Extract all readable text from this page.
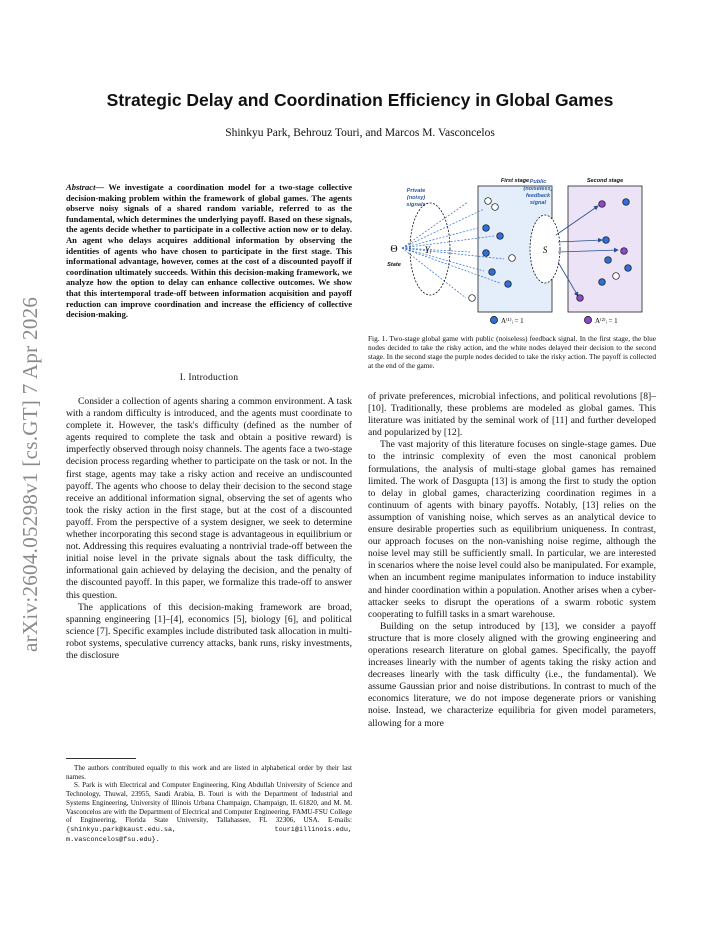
arXiv:2604.05298v1 [cs.GT] 7 Apr 2026
Strategic Delay and Coordination Efficiency in Global Games
Shinkyu Park, Behrouz Touri, and Marcos M. Vasconcelos
Abstract— We investigate a coordination model for a two-stage collective decision-making problem within the framework of global games. The agents observe noisy signals of a shared random variable, referred to as the fundamental, which determines the underlying payoff. Based on these signals, the agents decide whether to participate in a collective action now or to delay. An agent who delays acquires additional information by observing the identities of agents who have chosen to participate in the first stage. This informational advantage, however, comes at the cost of a discounted payoff if coordination ultimately succeeds. Within this decision-making framework, we analyze how the option to delay can enhance collective outcomes. We show that this intertemporal trade-off between information acquisition and payoff reduction can improve coordination and increase the efficiency of collective decision-making.
I. Introduction

Consider a collection of agents sharing a common environment. A task with a random difficulty is introduced, and the agents must coordinate to complete it. However, the task's difficulty (defined as the number of agents required to complete the task and obtain a positive reward) is imperfectly observed through noisy channels. The agents face a two-stage decision process regarding whether to participate on the task or not. In the first stage, agents may take a risky action and receive an undiscounted payoff. The agents who choose to delay their decision to the second stage receive an additional information signal, observing the set of agents who took the risky action in the first stage, but at the cost of a discounted payoff. From the perspective of a system designer, we seek to determine whether incorporating this second stage is advantageous in equilibrium or not. Addressing this requires evaluating a nontrivial trade-off between the initial noise level in the private signals about the task difficulty, the informational gain achieved by delaying the decision, and the penalty of the discounted payoff. In this paper, we formalize this trade-off to answer this question.

The applications of this decision-making framework are broad, spanning engineering [1]–[4], economics [5], biology [6], and political science [7]. Specific examples include distributed task allocation in multi-robot systems, speculative currency attacks, bank runs, risky investments, the disclosure

The authors contributed equally to this work and are listed in alphabetical order by their last names.

S. Park is with Electrical and Computer Engineering, King Abdullah University of Science and Technology, Thuwal, 23955, Saudi Arabia, B. Touri is with the Department of Industrial and Systems Engineering, University of Illinois Urbana Champaign, Champaign, IL 61820, and M. M. Vasconcelos are with the Department of Electrical and Computer Engineering, FAMU-FSU College of Engineering, Florida State University, Tallahassee, FL 32306, USA. E-mails: {shinkyu.park@kaust.edu.sa, touri@illinois.edu, m.vasconcelos@fsu.edu}.

First stage	Second stage
Private
(noisy)
signals
Public
(noiseless)
feedback
signal
Θ
State
Yᵢ	S
A⁽¹⁾ᵢ = 1	A⁽²⁾ᵢ = 1
Fig. 1. Two-stage global game with public (noiseless) feedback signal. In the first stage, the blue nodes decided to take the risky action, and the white nodes delayed their decision to the second stage. In the second stage the purple nodes decided to take the risky action. The payoff is collected at the end of the game.

of private preferences, microbial infections, and political revolutions [8]–[10]. Traditionally, these problems are modeled as global games. This literature was initiated by the seminal work of [11] and further developed and popularized by [12].

The vast majority of this literature focuses on single-stage games. Due to the intrinsic complexity of even the most canonical problem formulations, the analysis of multi-stage global games has remained limited. The work of Dasgupta [13] is among the first to study the option to delay in global games, characterizing coordination regimes in a continuum of agents with binary payoffs. Notably, [13] relies on the assumption of vanishing noise, which serves as an analytical device to ensure desirable properties such as equilibrium uniqueness. In contrast, our approach focuses on the non-vanishing noise regime, although the noise level may still be sufficiently small. In particular, we are interested in scenarios where the noise level could also be manipulated. For example, when an incumbent regime manipulates information to induce instability and hinder coordination within a population. Another arises when a cyber-attacker seeks to disrupt the operations of a swarm robotic system cooperating to fulfill tasks in a smart warehouse.

Building on the setup introduced by [13], we consider a payoff structure that is more closely aligned with the growing engineering and operations research literature on global games. Specifically, the payoff increases linearly with the number of agents taking the risky action and decreases linearly with the task difficulty (i.e., the fundamental). We assume Gaussian prior and noise distributions. In contrast to much of the economics literature, we do not impose degenerate priors or vanishing noise. Instead, we characterize equilibria for given model parameters, allowing for a more
